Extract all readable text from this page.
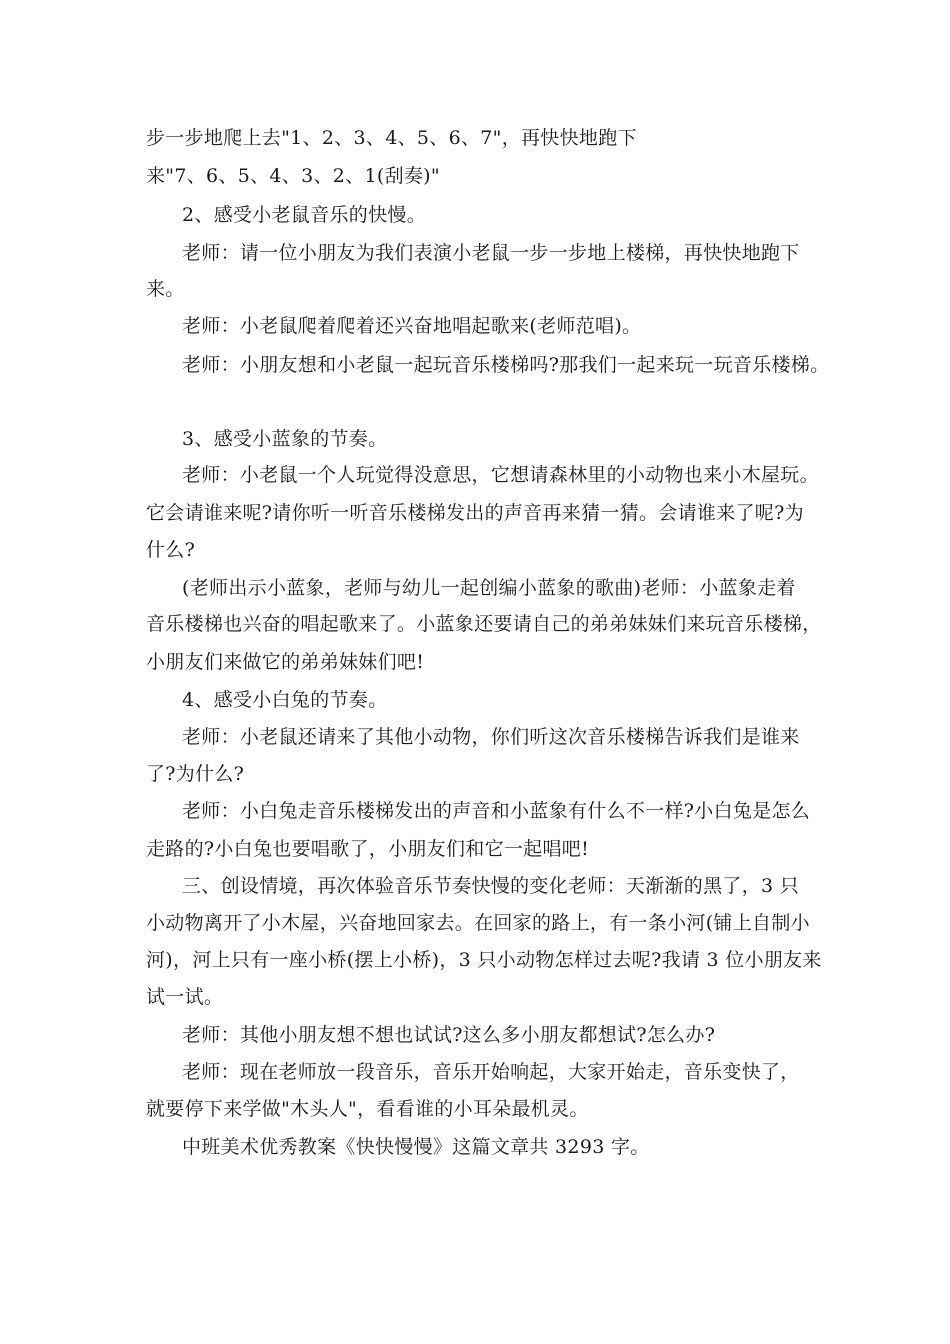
步一步地爬上去"1、2、3、4、5、6、7"，再快快地跑下
来"7、6、5、4、3、2、1(刮奏)"
2、感受小老鼠音乐的快慢。
老师：请一位小朋友为我们表演小老鼠一步一步地上楼梯，再快快地跑下
来。
老师：小老鼠爬着爬着还兴奋地唱起歌来(老师范唱)。
老师：小朋友想和小老鼠一起玩音乐楼梯吗?那我们一起来玩一玩音乐楼梯。
3、感受小蓝象的节奏。
老师：小老鼠一个人玩觉得没意思，它想请森林里的小动物也来小木屋玩。
它会请谁来呢?请你听一听音乐楼梯发出的声音再来猜一猜。会请谁来了呢?为
什么?
(老师出示小蓝象，老师与幼儿一起创编小蓝象的歌曲)老师：小蓝象走着
音乐楼梯也兴奋的唱起歌来了。小蓝象还要请自己的弟弟妹妹们来玩音乐楼梯，
小朋友们来做它的弟弟妹妹们吧!
4、感受小白兔的节奏。
老师：小老鼠还请来了其他小动物，你们听这次音乐楼梯告诉我们是谁来
了?为什么?
老师：小白兔走音乐楼梯发出的声音和小蓝象有什么不一样?小白兔是怎么
走路的?小白兔也要唱歌了，小朋友们和它一起唱吧!
三、创设情境，再次体验音乐节奏快慢的变化老师：天渐渐的黑了，3 只
小动物离开了小木屋，兴奋地回家去。在回家的路上，有一条小河(铺上自制小
河)，河上只有一座小桥(摆上小桥)，3 只小动物怎样过去呢?我请 3 位小朋友来
试一试。
老师：其他小朋友想不想也试试?这么多小朋友都想试?怎么办?
老师：现在老师放一段音乐，音乐开始响起，大家开始走，音乐变快了，
就要停下来学做"木头人"，看看谁的小耳朵最机灵。
中班美术优秀教案《快快慢慢》这篇文章共 3293 字。
